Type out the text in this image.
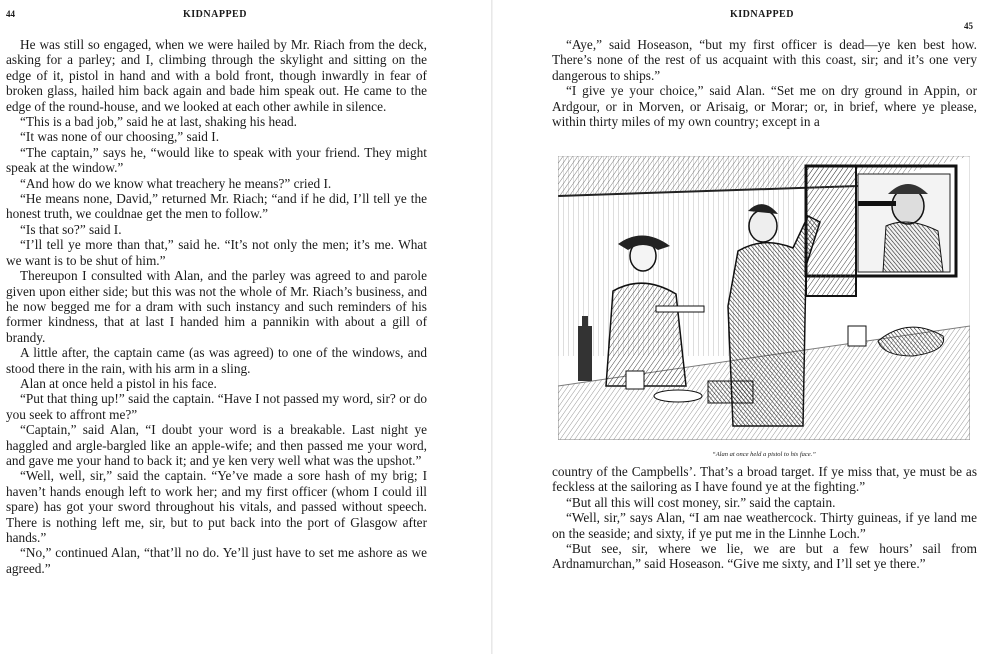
44	KIDNAPPED

He was still so engaged, when we were hailed by Mr. Riach from the deck, asking for a parley; and I, climbing through the skylight and sitting on the edge of it, pistol in hand and with a bold front, though inwardly in fear of broken glass, hailed him back again and bade him speak out. He came to the edge of the round-house, and we looked at each other awhile in silence.

“This is a bad job,” said he at last, shaking his head.

“It was none of our choosing,” said I.

“The captain,” says he, “would like to speak with your friend. They might speak at the window.”

“And how do we know what treachery he means?” cried I.

“He means none, David,” returned Mr. Riach; “and if he did, I’ll tell ye the honest truth, we couldnae get the men to follow.”

“Is that so?” said I.

“I’ll tell ye more than that,” said he. “It’s not only the men; it’s me. What we want is to be shut of him.”

Thereupon I consulted with Alan, and the parley was agreed to and parole given upon either side; but this was not the whole of Mr. Riach’s business, and he now begged me for a dram with such instancy and such reminders of his former kindness, that at last I handed him a pannikin with about a gill of brandy.

A little after, the captain came (as was agreed) to one of the windows, and stood there in the rain, with his arm in a sling.

Alan at once held a pistol in his face.

“Put that thing up!” said the captain. “Have I not passed my word, sir? or do you seek to affront me?”

“Captain,” said Alan, “I doubt your word is a breakable. Last night ye haggled and argle-bargled like an apple-wife; and then passed me your word, and gave me your hand to back it; and ye ken very well what was the upshot.”

“Well, well, sir,” said the captain. “Ye’ve made a sore hash of my brig; I haven’t hands enough left to work her; and my first officer (whom I could ill spare) has got your sword throughout his vitals, and passed without speech. There is nothing left me, sir, but to put back into the port of Glasgow after hands.”

“No,” continued Alan, “that’ll no do. Ye’ll just have to set me ashore as we agreed.”

KIDNAPPED
45

“Aye,” said Hoseason, “but my first officer is dead—ye ken best how. There’s none of the rest of us acquaint with this coast, sir; and it’s one very dangerous to ships.”

“I give ye your choice,” said Alan. “Set me on dry ground in Appin, or Ardgour, or in Morven, or Arisaig, or Morar; or, in brief, where ye please, within thirty miles of my own country; except in a

“Alan at once held a pistol to his face.”

country of the Campbells’. That’s a broad target. If ye miss that, ye must be as feckless at the sailoring as I have found ye at the fighting.”

“But all this will cost money, sir.” said the captain.

“Well, sir,” says Alan, “I am nae weathercock. Thirty guineas, if ye land me on the seaside; and sixty, if ye put me in the Linnhe Loch.”

“But see, sir, where we lie, we are but a few hours’ sail from Ardnamurchan,” said Hoseason. “Give me sixty, and I’ll set ye there.”
